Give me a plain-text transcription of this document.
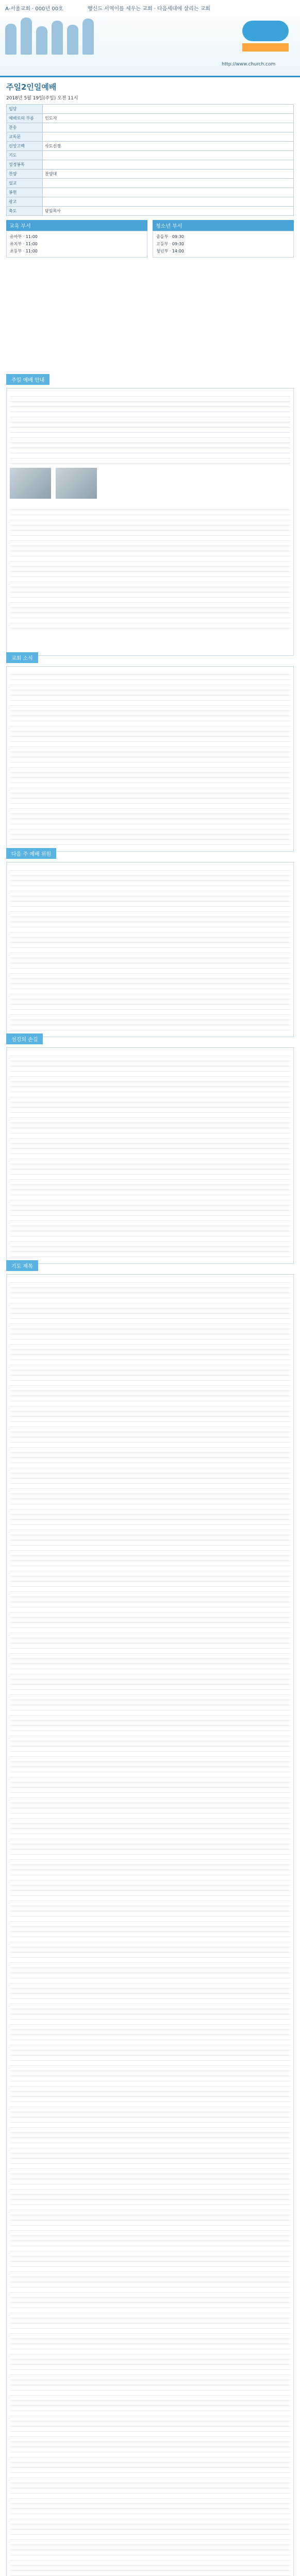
A-서울교회 · 000년 00호	행신드 서역이를 세우는 교회 · 다음세대에 살리는 교회
http://www.church.com
주일2인일예배
2018년 5월 19일(주일) 오전 11시
입당	
예배로의 부름	인도자
찬송	
교독문	
신앙고백	사도신경
기도	
성경봉독	
찬양	찬양대
설교	
봉헌	
광고	
축도	담임목사
교육 부서
유아부 · 11:00
유치부 · 11:00
초등부 · 11:00
청소년 부서
중등부 · 09:30
고등부 · 09:30
청년부 · 14:00
주일 예배 안내

교회 소식
다음 주 예배 위원
섬김의 손길
기도 제목
